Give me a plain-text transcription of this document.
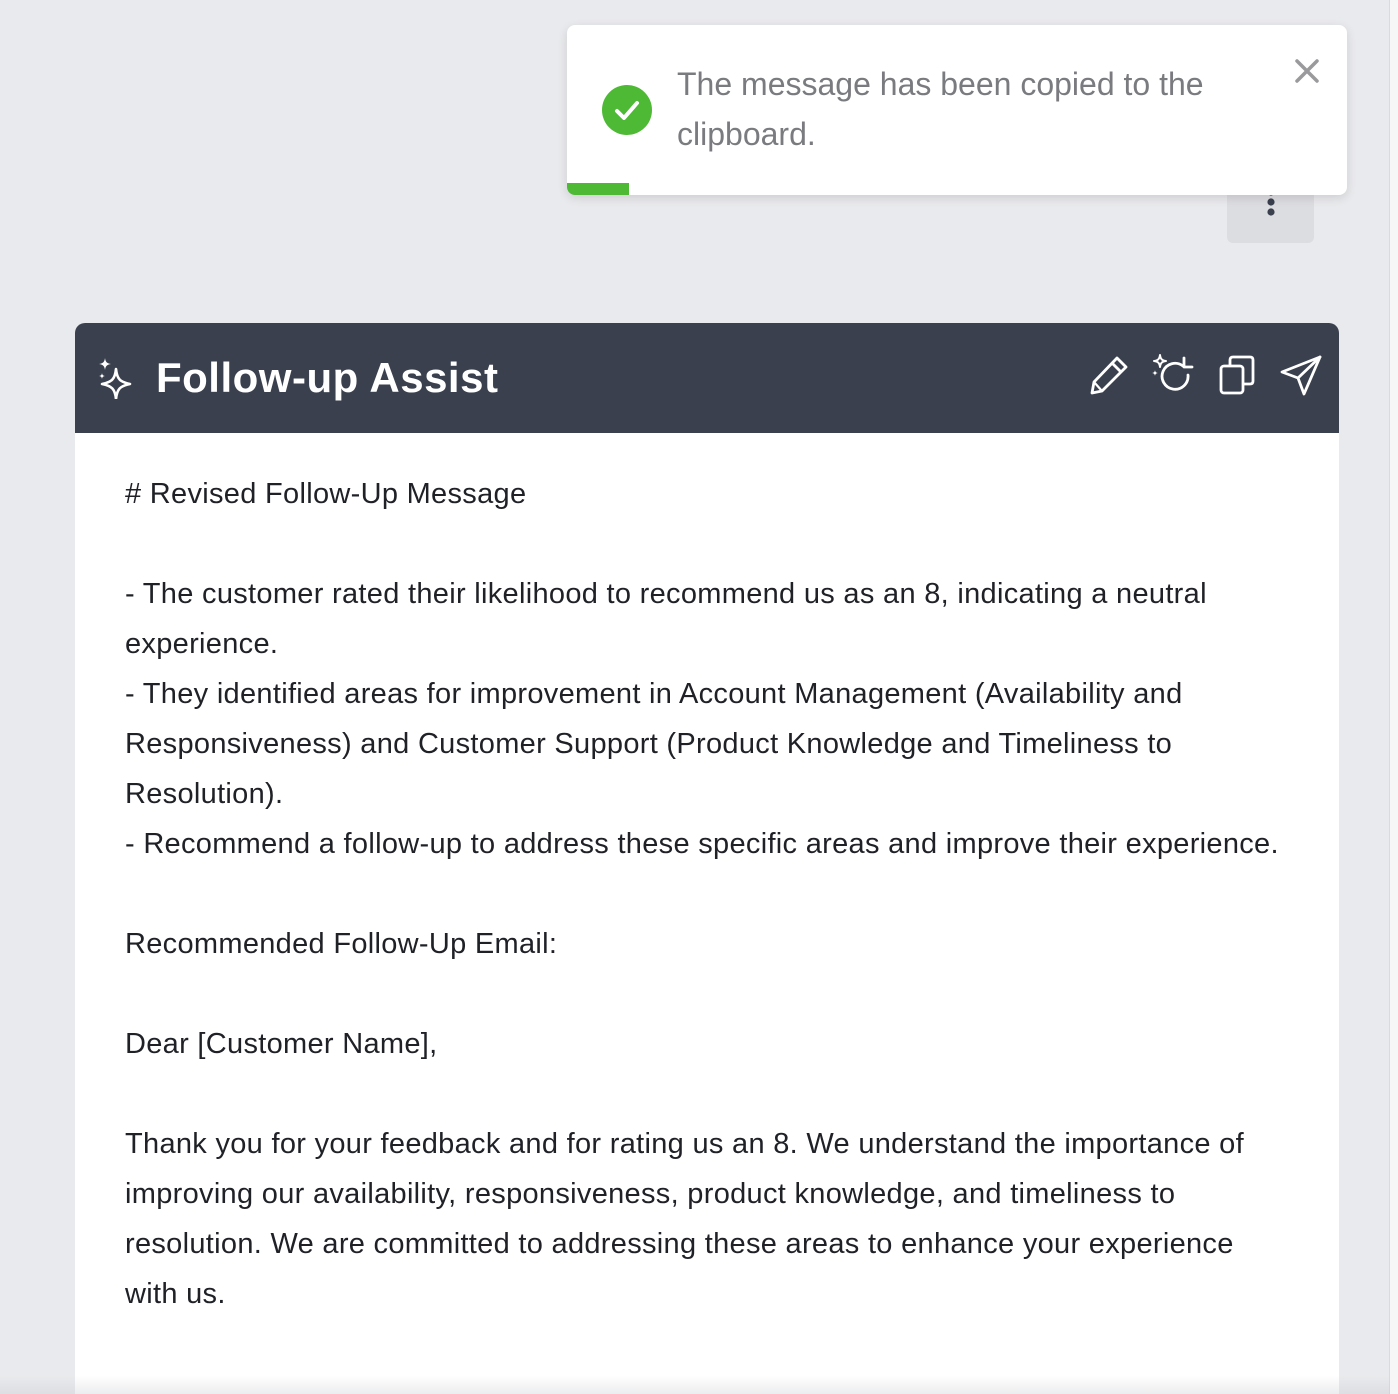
The message has been copied to the clipboard.
Follow-up Assist

# Revised Follow-Up Message

- The customer rated their likelihood to recommend us as an 8, indicating a neutral experience.

- They identified areas for improvement in Account Management (Availability and Responsiveness) and Customer Support (Product Knowledge and Timeliness to Resolution).

- Recommend a follow-up to address these specific areas and improve their experience.

Recommended Follow-Up Email:

Dear [Customer Name],

Thank you for your feedback and for rating us an 8. We understand the importance of improving our availability, responsiveness, product knowledge, and timeliness to resolution. We are committed to addressing these areas to enhance your experience with us.
